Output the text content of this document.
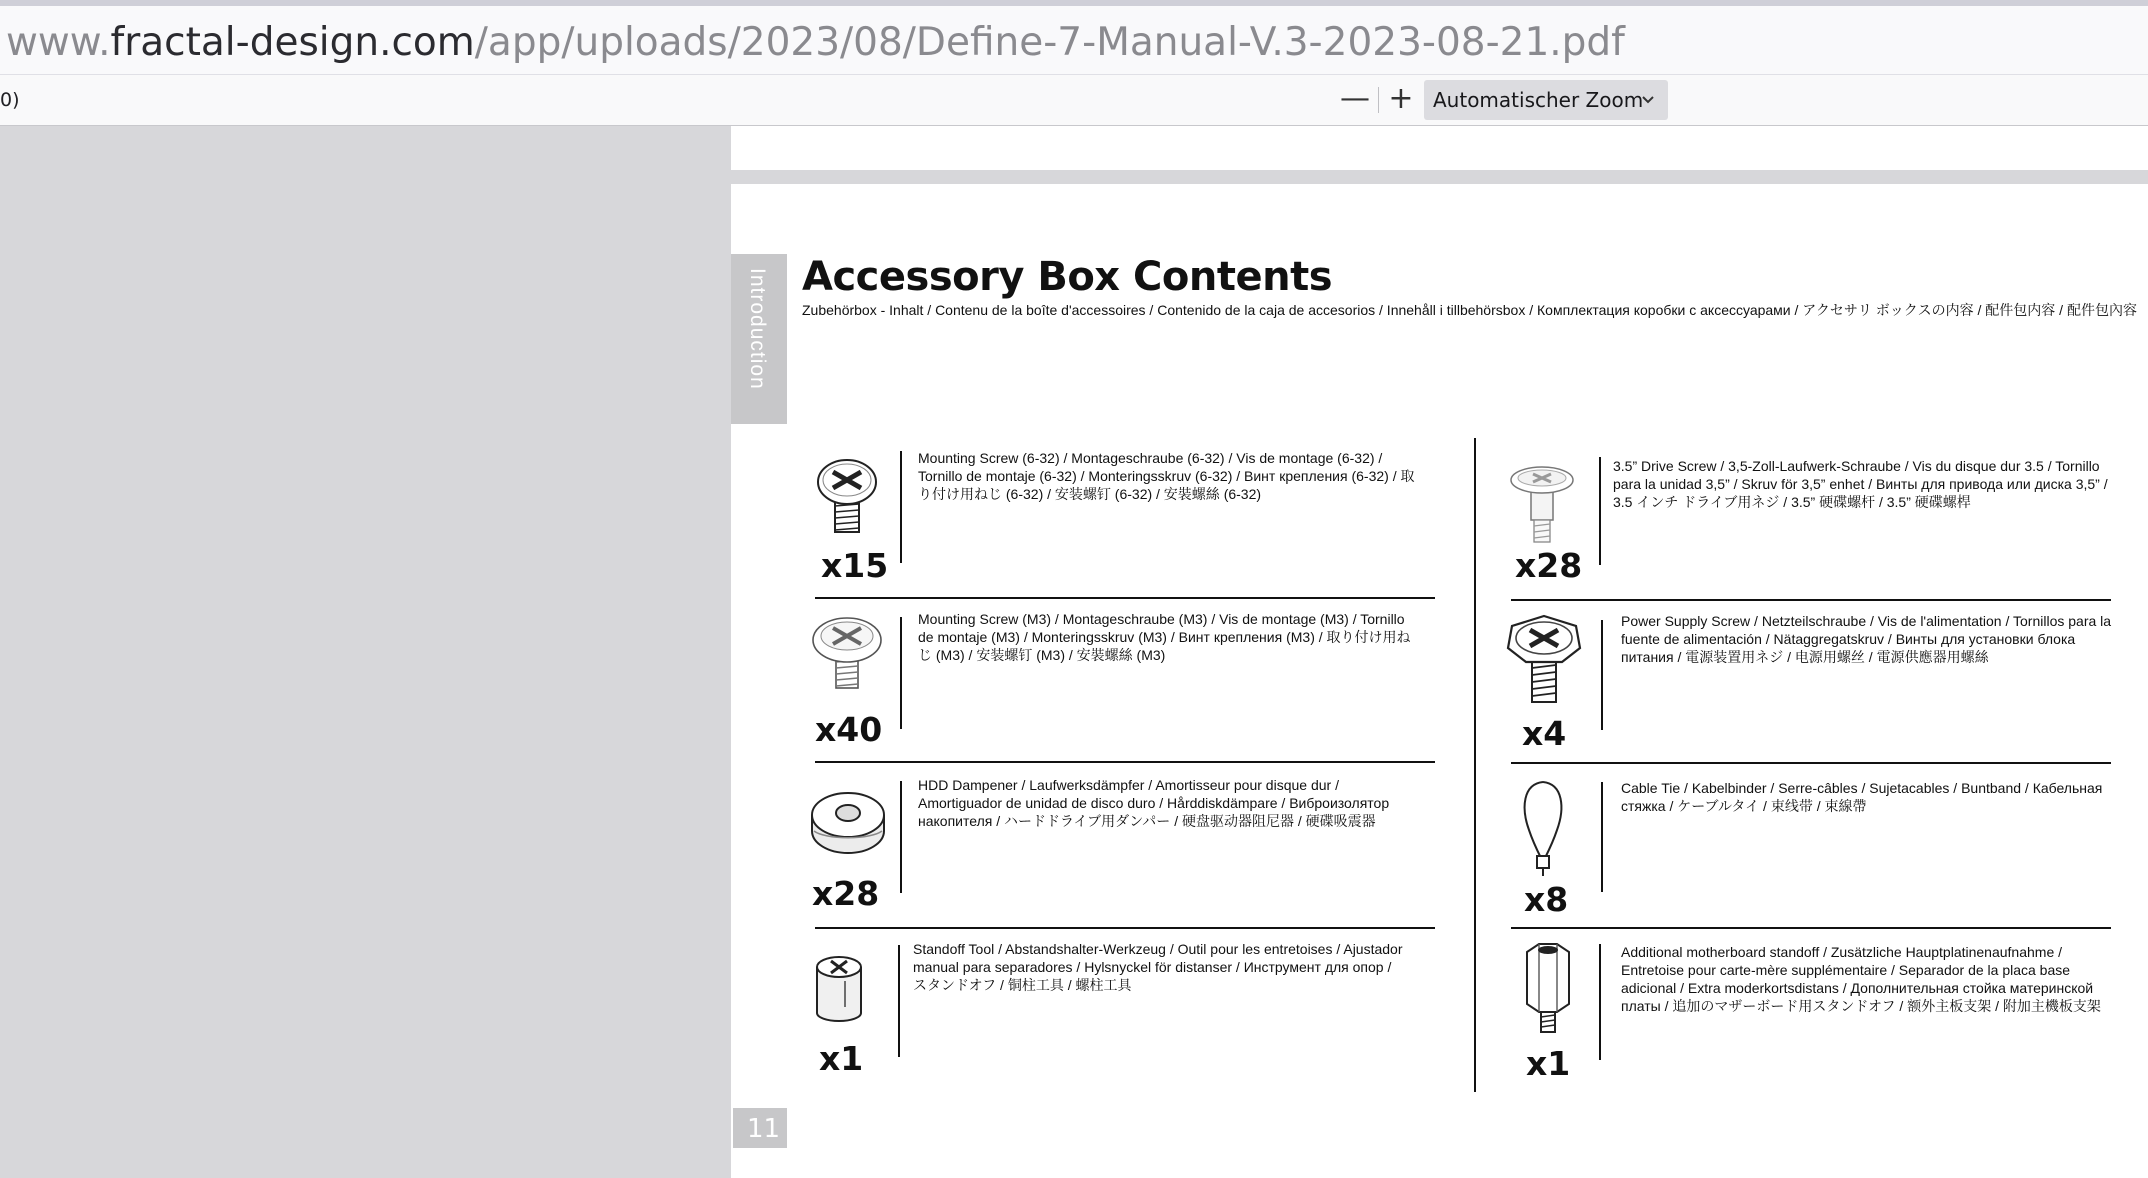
www.fractal-design.com/app/uploads/2023/08/Define-7-Manual-V.3-2023-08-21.pdf
0)	— + Automatischer Zoom
Introduction Accessory Box Contents
Zubehörbox - Inhalt / Contenu de la boîte d'accessoires / Contenido de la caja de accesorios / Innehåll i tillbehörsbox / Комплектация коробки с аксессуарами / アクセサリ ボックスの内容 / 配件包内容 / 配件包內容
x15
Mounting Screw (6-32) / Montageschraube (6-32) / Vis de montage (6-32) / Tornillo de montaje (6-32) / Monteringsskruv (6-32) / Винт крепления (6-32) / 取り付け用ねじ (6-32) / 安装螺钉 (6-32) / 安裝螺絲 (6-32)
x40
Mounting Screw (M3) / Montageschraube (M3) / Vis de montage (M3) / Tornillo de montaje (M3) / Monteringsskruv (M3) / Винт крепления (M3) / 取り付け用ねじ (M3) / 安装螺钉 (M3) / 安裝螺絲 (M3)
x28
HDD Dampener / Laufwerksdämpfer / Amortisseur pour disque dur / Amortiguador de unidad de disco duro / Hårddiskdämpare / Виброизолятор накопителя / ハードドライブ用ダンパー / 硬盘驱动器阻尼器 / 硬碟吸震器
x1
Standoff Tool / Abstandshalter-Werkzeug / Outil pour les entretoises / Ajustador manual para separadores / Hylsnyckel för distanser / Инструмент для опор / スタンドオフ / 铜柱工具 / 螺柱工具
x28
3.5” Drive Screw / 3,5-Zoll-Laufwerk-Schraube / Vis du disque dur 3.5 / Tornillo para la unidad 3,5” / Skruv för 3,5” enhet / Винты для привода или диска 3,5” / 3.5 インチ ドライブ用ネジ / 3.5” 硬碟螺杆 / 3.5” 硬碟螺桿
x4
Power Supply Screw / Netzteilschraube / Vis de l'alimentation / Tornillos para la fuente de alimentación / Nätaggregatskruv / Винты для установки блока питания / 電源装置用ネジ / 电源用螺丝 / 電源供應器用螺絲
x8
Cable Tie / Kabelbinder / Serre-câbles / Sujetacables / Buntband / Кабельная стяжка / ケーブルタイ / 束线带 / 束線帶
x1
Additional motherboard standoff / Zusätzliche Hauptplatinenaufnahme / Entretoise pour carte-mère supplémentaire / Separador de la placa base adicional / Extra moderkortsdistans / Дополнительная стойка материнской платы / 追加のマザーボード用スタンドオフ / 额外主板支架 / 附加主機板支架
11
